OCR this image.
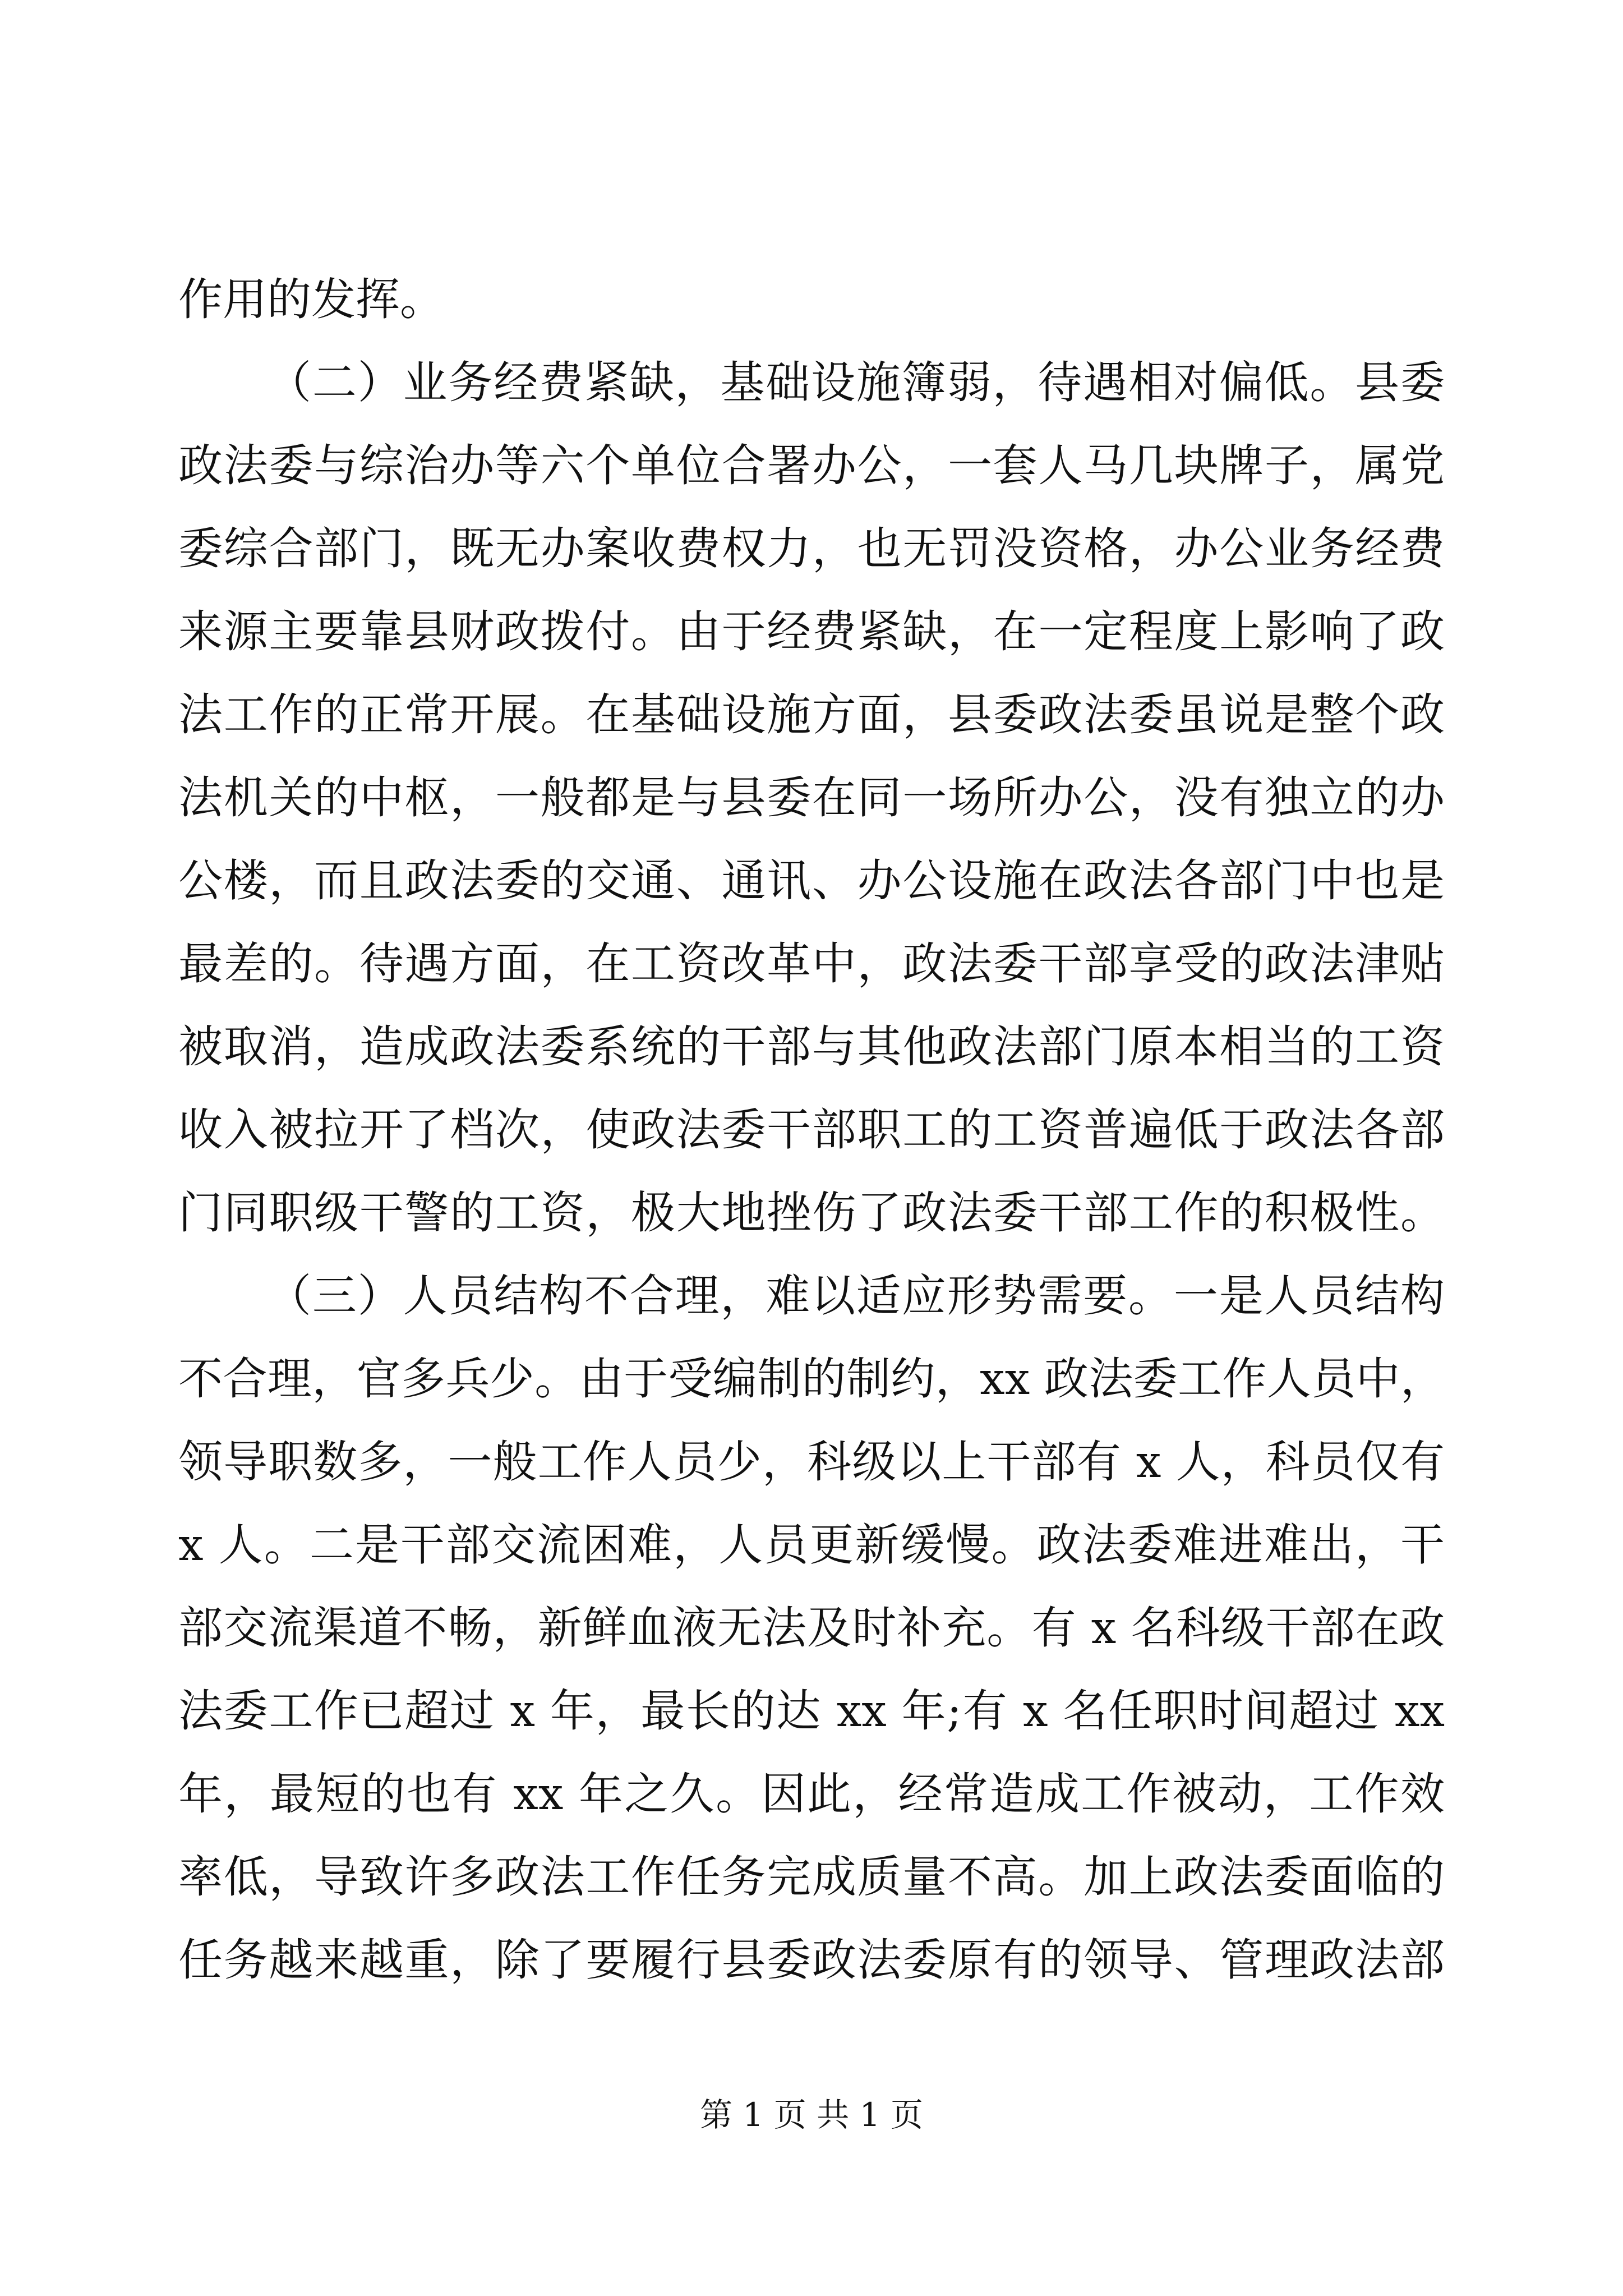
作用的发挥。
（二）业务经费紧缺，基础设施簿弱，待遇相对偏低。县委
政法委与综治办等六个单位合署办公，一套人马几块牌子，属党
委综合部门，既无办案收费权力，也无罚没资格，办公业务经费
来源主要靠县财政拨付。由于经费紧缺，在一定程度上影响了政
法工作的正常开展。在基础设施方面，县委政法委虽说是整个政
法机关的中枢，一般都是与县委在同一场所办公，没有独立的办
公楼，而且政法委的交通、通讯、办公设施在政法各部门中也是
最差的。待遇方面，在工资改革中，政法委干部享受的政法津贴
被取消，造成政法委系统的干部与其他政法部门原本相当的工资
收入被拉开了档次，使政法委干部职工的工资普遍低于政法各部
门同职级干警的工资，极大地挫伤了政法委干部工作的积极性。
（三）人员结构不合理，难以适应形势需要。一是人员结构
不合理，官多兵少。由于受编制的制约，xx 政法委工作人员中，
领导职数多，一般工作人员少，科级以上干部有 x 人，科员仅有
x 人。二是干部交流困难，人员更新缓慢。政法委难进难出，干
部交流渠道不畅，新鲜血液无法及时补充。有 x 名科级干部在政
法委工作已超过 x 年，最长的达 xx 年;有 x 名任职时间超过 xx
年，最短的也有 xx 年之久。因此，经常造成工作被动，工作效
率低，导致许多政法工作任务完成质量不高。加上政法委面临的
任务越来越重，除了要履行县委政法委原有的领导、管理政法部
第 1 页 共 1 页
